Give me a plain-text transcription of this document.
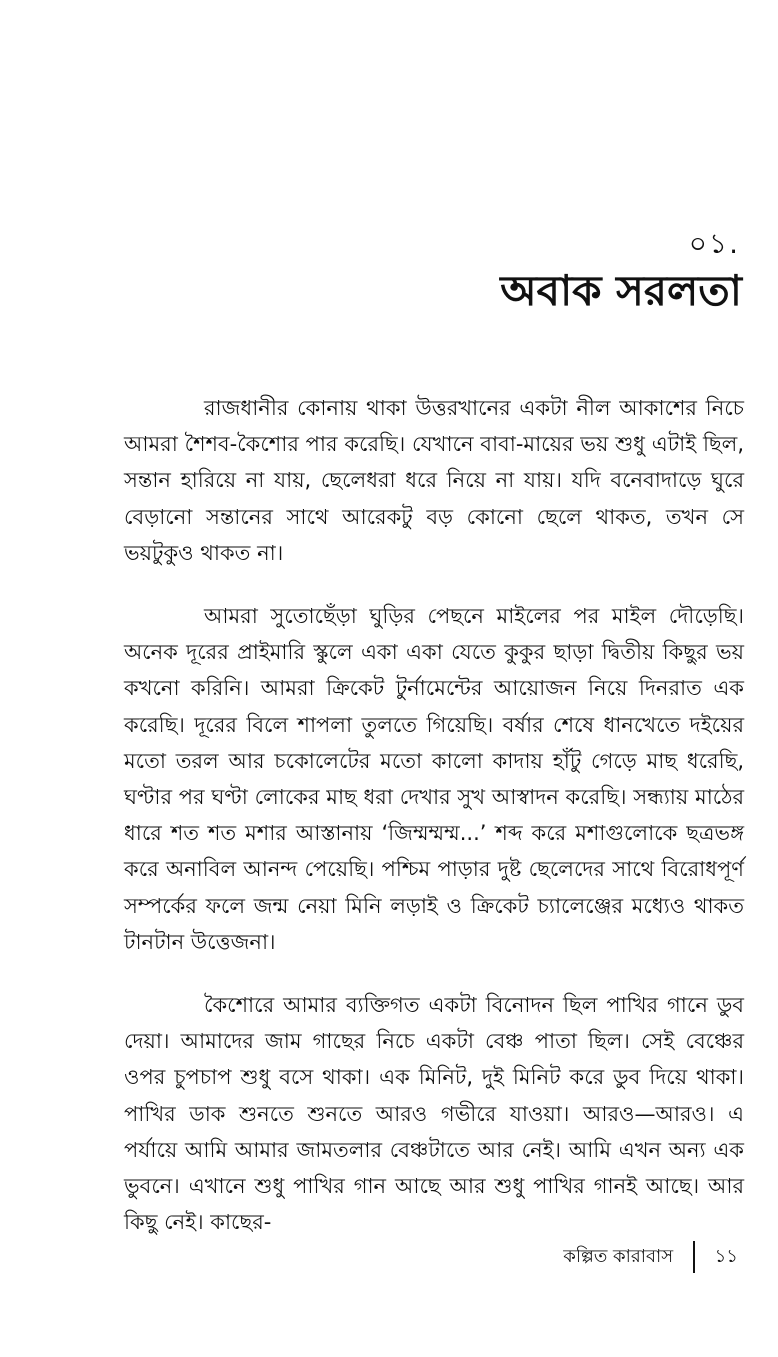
০১.
অবাক সরলতা

রাজধানীর কোনায় থাকা উত্তরখানের একটা নীল আকাশের নিচে আমরা শৈশব-কৈশোর পার করেছি। যেখানে বাবা-মায়ের ভয় শুধু এটাই ছিল, সন্তান হারিয়ে না যায়, ছেলেধরা ধরে নিয়ে না যায়। যদি বনেবাদাড়ে ঘুরে বেড়ানো সন্তানের সাথে আরেকটু বড় কোনো ছেলে থাকত, তখন সে ভয়টুকুও থাকত না।

আমরা সুতোছেঁড়া ঘুড়ির পেছনে মাইলের পর মাইল দৌড়েছি। অনেক দূরের প্রাইমারি স্কুলে একা একা যেতে কুকুর ছাড়া দ্বিতীয় কিছুর ভয় কখনো করিনি। আমরা ক্রিকেট টুর্নামেন্টের আয়োজন নিয়ে দিনরাত এক করেছি। দূরের বিলে শাপলা তুলতে গিয়েছি। বর্ষার শেষে ধানখেতে দইয়ের মতো তরল আর চকোলেটের মতো কালো কাদায় হাঁটু গেড়ে মাছ ধরেছি, ঘণ্টার পর ঘণ্টা লোকের মাছ ধরা দেখার সুখ আস্বাদন করেছি। সন্ধ্যায় মাঠের ধারে শত শত মশার আস্তানায় ‘জিম্মম্মম্ম...’ শব্দ করে মশাগুলোকে ছত্রভঙ্গ করে অনাবিল আনন্দ পেয়েছি। পশ্চিম পাড়ার দুষ্ট ছেলেদের সাথে বিরোধপূর্ণ সম্পর্কের ফলে জন্ম নেয়া মিনি লড়াই ও ক্রিকেট চ্যালেঞ্জের মধ্যেও থাকত টানটান উত্তেজনা।

কৈশোরে আমার ব্যক্তিগত একটা বিনোদন ছিল পাখির গানে ডুব দেয়া। আমাদের জাম গাছের নিচে একটা বেঞ্চ পাতা ছিল। সেই বেঞ্চের ওপর চুপচাপ শুধু বসে থাকা। এক মিনিট, দুই মিনিট করে ডুব দিয়ে থাকা। পাখির ডাক শুনতে শুনতে আরও গভীরে যাওয়া। আরও—আরও। এ পর্যায়ে আমি আমার জামতলার বেঞ্চটাতে আর নেই। আমি এখন অন্য এক ভুবনে। এখানে শুধু পাখির গান আছে আর শুধু পাখির গানই আছে। আর কিছু নেই। কাছের-

কল্পিত কারাবাস ১১
